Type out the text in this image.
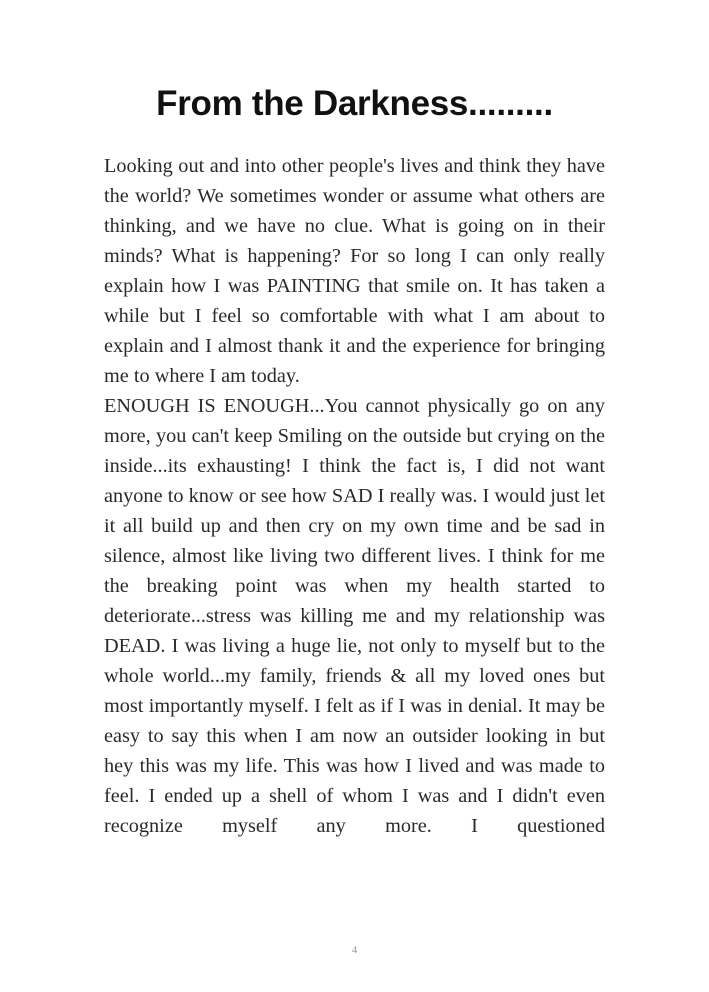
From the Darkness.........

Looking out and into other people's lives and think they have the world? We sometimes wonder or assume what others are thinking, and we have no clue. What is going on in their minds? What is happening? For so long I can only really explain how I was PAINTING that smile on. It has taken a while but I feel so comfortable with what I am about to explain and I almost thank it and the experience for bringing me to where I am today.

ENOUGH IS ENOUGH...You cannot physically go on any more, you can't keep Smiling on the outside but crying on the inside...its exhausting! I think the fact is, I did not want anyone to know or see how SAD I really was. I would just let it all build up and then cry on my own time and be sad in silence, almost like living two different lives. I think for me the breaking point was when my health started to deteriorate...stress was killing me and my relationship was DEAD. I was living a huge lie, not only to myself but to the whole world...my family, friends & all my loved ones but most importantly myself. I felt as if I was in denial. It may be easy to say this when I am now an outsider looking in but hey this was my life. This was how I lived and was made to feel. I ended up a shell of whom I was and I didn't even recognize myself any more. I questioned

4
